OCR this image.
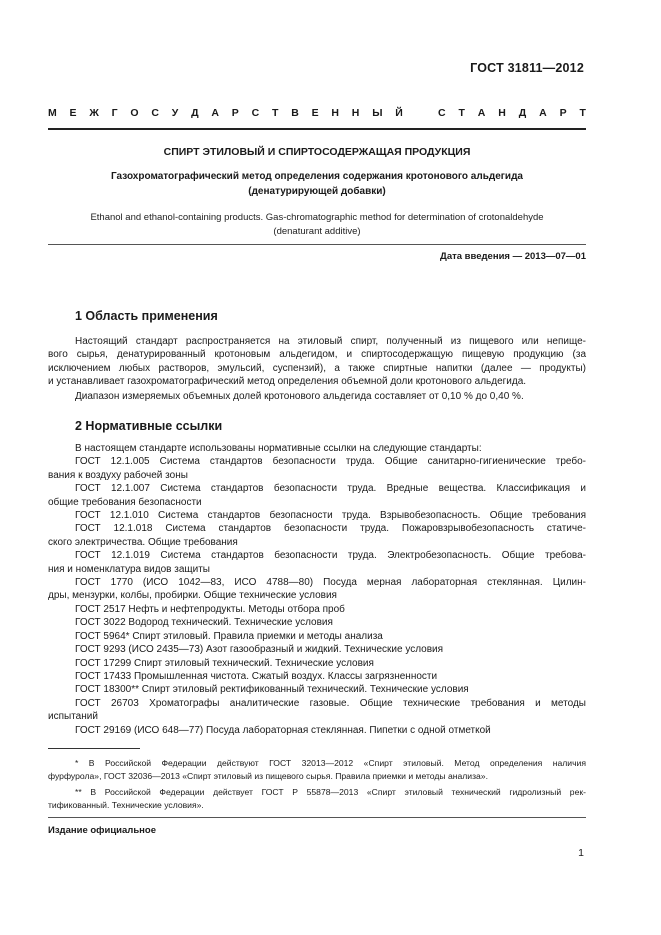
ГОСТ 31811—2012
М Е Ж Г О С У Д А Р С Т В Е Н Н Ы Й	С Т А Н Д А Р Т
СПИРТ ЭТИЛОВЫЙ И СПИРТОСОДЕРЖАЩАЯ ПРОДУКЦИЯ
Газохроматографический метод определения содержания кротонового альдегида
(денатурирующей добавки)
Ethanol and ethanol-containing products. Gas-chromatographic method for determination of crotonaldehyde
(denaturant additive)
Дата введения — 2013—07—01
1 Область применения
Настоящий стандарт распространяется на этиловый спирт, полученный из пищевого или непище-
вого сырья, денатурированный кротоновым альдегидом, и спиртосодержащую пищевую продукцию (за
исключением любых растворов, эмульсий, суспензий), а также спиртные напитки (далее — продукты)
и устанавливает газохроматографический метод определения объемной доли кротонового альдегида.
Диапазон измеряемых объемных долей кротонового альдегида составляет от 0,10 % до 0,40 %.
2 Нормативные ссылки
В настоящем стандарте использованы нормативные ссылки на следующие стандарты:
ГОСТ 12.1.005 Система стандартов безопасности труда. Общие санитарно-гигиенические требо-
вания к воздуху рабочей зоны
ГОСТ 12.1.007 Система стандартов безопасности труда. Вредные вещества. Классификация и
общие требования безопасности
ГОСТ 12.1.010 Система стандартов безопасности труда. Взрывобезопасность. Общие требования
ГОСТ 12.1.018 Система стандартов безопасности труда. Пожаровзрывобезопасность статиче-
ского электричества. Общие требования
ГОСТ 12.1.019 Система стандартов безопасности труда. Электробезопасность. Общие требова-
ния и номенклатура видов защиты
ГОСТ 1770 (ИСО 1042—83, ИСО 4788—80) Посуда мерная лабораторная стеклянная. Цилин-
дры, мензурки, колбы, пробирки. Общие технические условия
ГОСТ 2517 Нефть и нефтепродукты. Методы отбора проб
ГОСТ 3022 Водород технический. Технические условия
ГОСТ 5964* Спирт этиловый. Правила приемки и методы анализа
ГОСТ 9293 (ИСО 2435—73) Азот газообразный и жидкий. Технические условия
ГОСТ 17299 Спирт этиловый технический. Технические условия
ГОСТ 17433 Промышленная чистота. Сжатый воздух. Классы загрязненности
ГОСТ 18300** Спирт этиловый ректификованный технический. Технические условия
ГОСТ 26703 Хроматографы аналитические газовые. Общие технические требования и методы
испытаний
ГОСТ 29169 (ИСО 648—77) Посуда лабораторная стеклянная. Пипетки с одной отметкой
* В Российской Федерации действуют ГОСТ 32013—2012 «Спирт этиловый. Метод определения наличия
фурфурола», ГОСТ 32036—2013 «Спирт этиловый из пищевого сырья. Правила приемки и методы анализа».
** В Российской Федерации действует ГОСТ Р 55878—2013 «Спирт этиловый технический гидролизный рек-
тификованный. Технические условия».
Издание официальное
1
